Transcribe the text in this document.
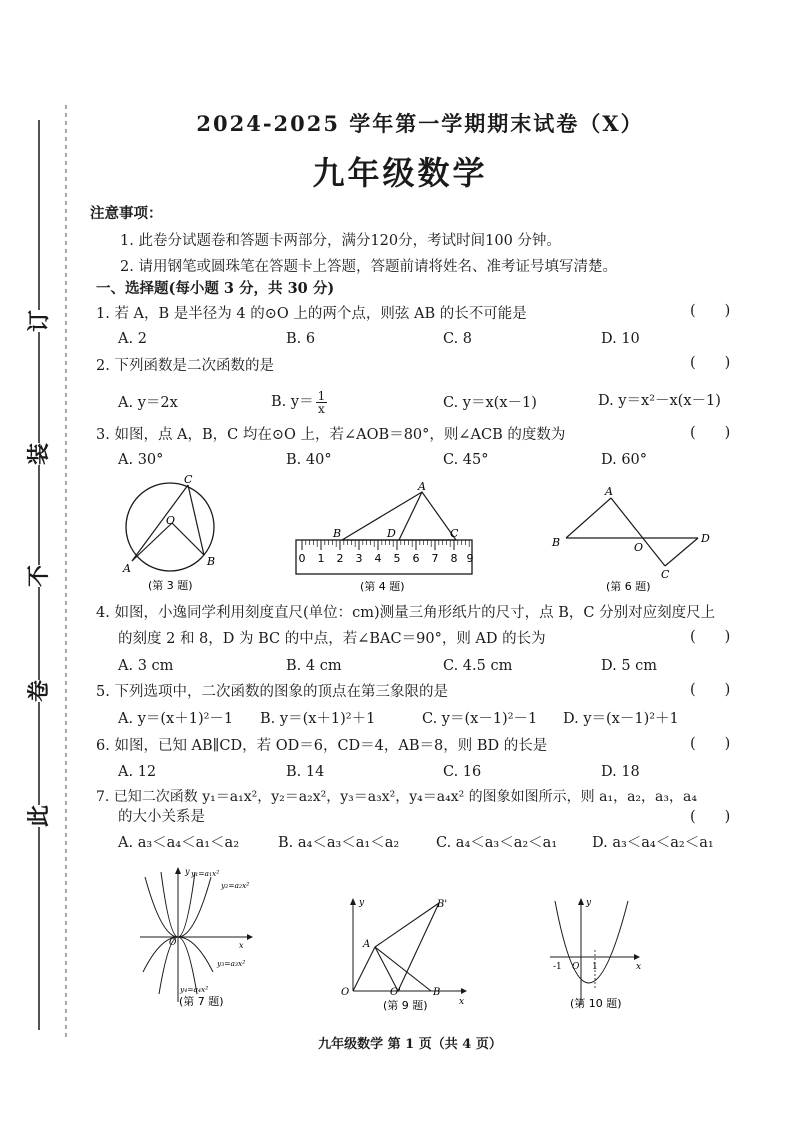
此
卷
不
装
订
2024-2025 学年第一学期期末试卷（X）
九年级数学
注意事项：
1. 此卷分试题卷和答题卡两部分，满分120分，考试时间100 分钟。
2. 请用钢笔或圆珠笔在答题卡上答题，答题前请将姓名、准考证号填写清楚。
一、选择题(每小题 3 分，共 30 分)
1. 若 A，B 是半径为 4 的⊙O 上的两个点，则弦 AB 的长不可能是	(　　)
A. 2	B. 6	C. 8	D. 10
2. 下列函数是二次函数的是	(　　)
A. y＝2x	B. $y= \frac{1}{x}$	C. y＝x(x－1)	D. y＝x²－x(x－1)
3. 如图，点 A，B，C 均在⊙O 上，若∠AOB＝80°，则∠ACB 的度数为	(　　)
A. 30°	B. 40°	C. 45°	D. 60°
A
B
C
O
(第 3 题)
0 1 2 3 4 5 6 7 8 9
A
B	D	C
(第 4 题)
A
B	O
D
C
(第 6 题)
4. 如图，小逸同学利用刻度直尺(单位：cm)测量三角形纸片的尺寸，点 B，C 分别对应刻度尺上
的刻度 2 和 8，D 为 BC 的中点，若∠BAC＝90°，则 AD 的长为	(　　)
A. 3 cm	B. 4 cm	C. 4.5 cm	D. 5 cm
5. 下列选项中，二次函数的图象的顶点在第三象限的是	(　　)
A. y＝(x＋1)²－1 B. y＝(x＋1)²＋1	C. y＝(x－1)²－1 D. y＝(x－1)²＋1
6. 如图，已知 AB∥CD，若 OD＝6，CD＝4，AB＝8，则 BD 的长是	(　　)
A. 12	B. 14	C. 16	D. 18
7. 已知二次函数 y₁＝a₁x²，y₂＝a₂x²，y₃＝a₃x²，y₄＝a₄x² 的图象如图所示，则 a₁，a₂，a₃，a₄
的大小关系是	(　　)
A. a₃＜a₄＜a₁＜a₂	B. a₄＜a₃＜a₁＜a₂	C. a₄＜a₃＜a₂＜a₁ D. a₃＜a₄＜a₂＜a₁
y
x
O
y₁=a₁x²
y₂=a₂x²
y₃=a₃x²
y₄=a₄x²
(第 7 题)
y
x
B'
A
O	O'	B
(第 9 题)
y
x
-1 O 1
(第 10 题)
九年级数学 第 1 页（共 4 页）
